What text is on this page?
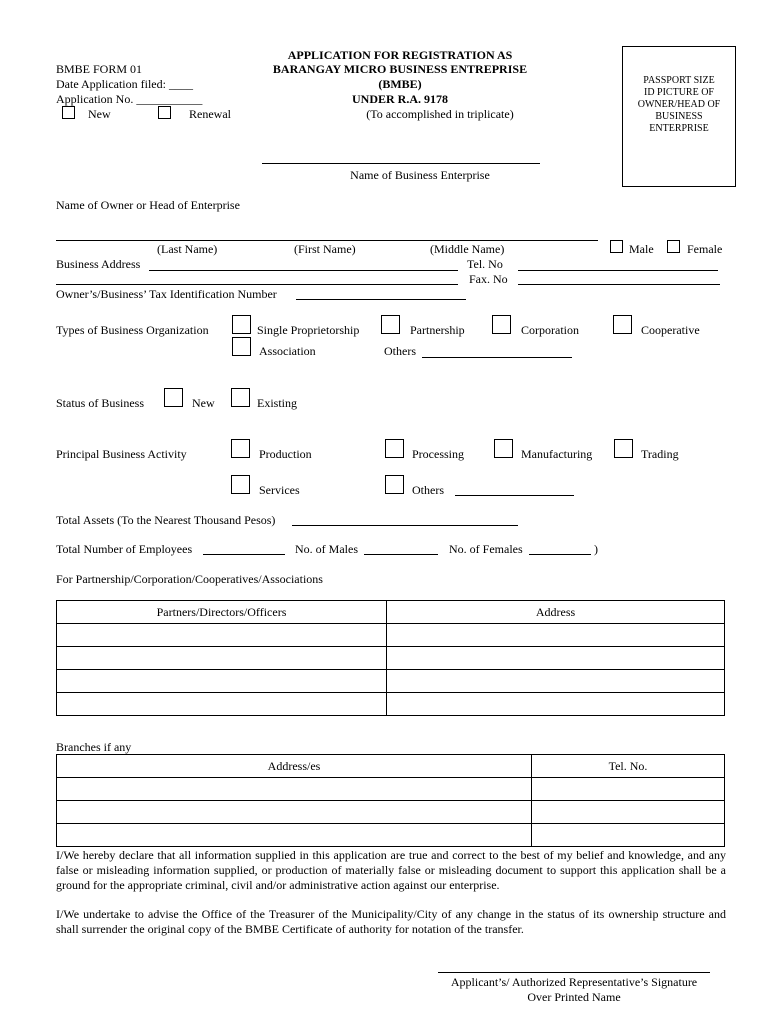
BMBE FORM 01
Date Application filed: ____
Application No. ___________
New	Renewal
APPLICATION FOR REGISTRATION AS
BARANGAY MICRO BUSINESS ENTREPRISE
(BMBE)
UNDER R.A. 9178
(To accomplished in triplicate)
PASSPORT SIZE
ID PICTURE OF
OWNER/HEAD OF
BUSINESS
ENTERPRISE
Name of Business Enterprise
Name of Owner or Head of Enterprise
(Last Name)	(First Name)	(Middle Name)	Male	Female
Business Address	Tel. No
Fax. No
Owner’s/Business’ Tax Identification Number
Types of Business Organization	Single Proprietorship	Partnership	Corporation	Cooperative
Association	Others
Status of Business	New	Existing
Principal Business Activity	Production	Processing	Manufacturing	Trading
Services	Others
Total Assets (To the Nearest Thousand Pesos)
Total Number of Employees	No. of Males	No. of Females	)
For Partnership/Corporation/Cooperatives/Associations
Partners/Directors/Officers	Address

Branches if any
Address/es	Tel. No.

I/We hereby declare that all information supplied in this application are true and correct to the best of my belief and knowledge, and any false or misleading information supplied, or production of materially false or misleading document to support this application shall be a ground for the appropriate criminal, civil and/or administrative action against our enterprise.
I/We undertake to advise the Office of the Treasurer of the Municipality/City of any change in the status of its ownership structure and shall surrender the original copy of the BMBE Certificate of authority for notation of the transfer.
Applicant’s/ Authorized Representative’s Signature
Over Printed Name
